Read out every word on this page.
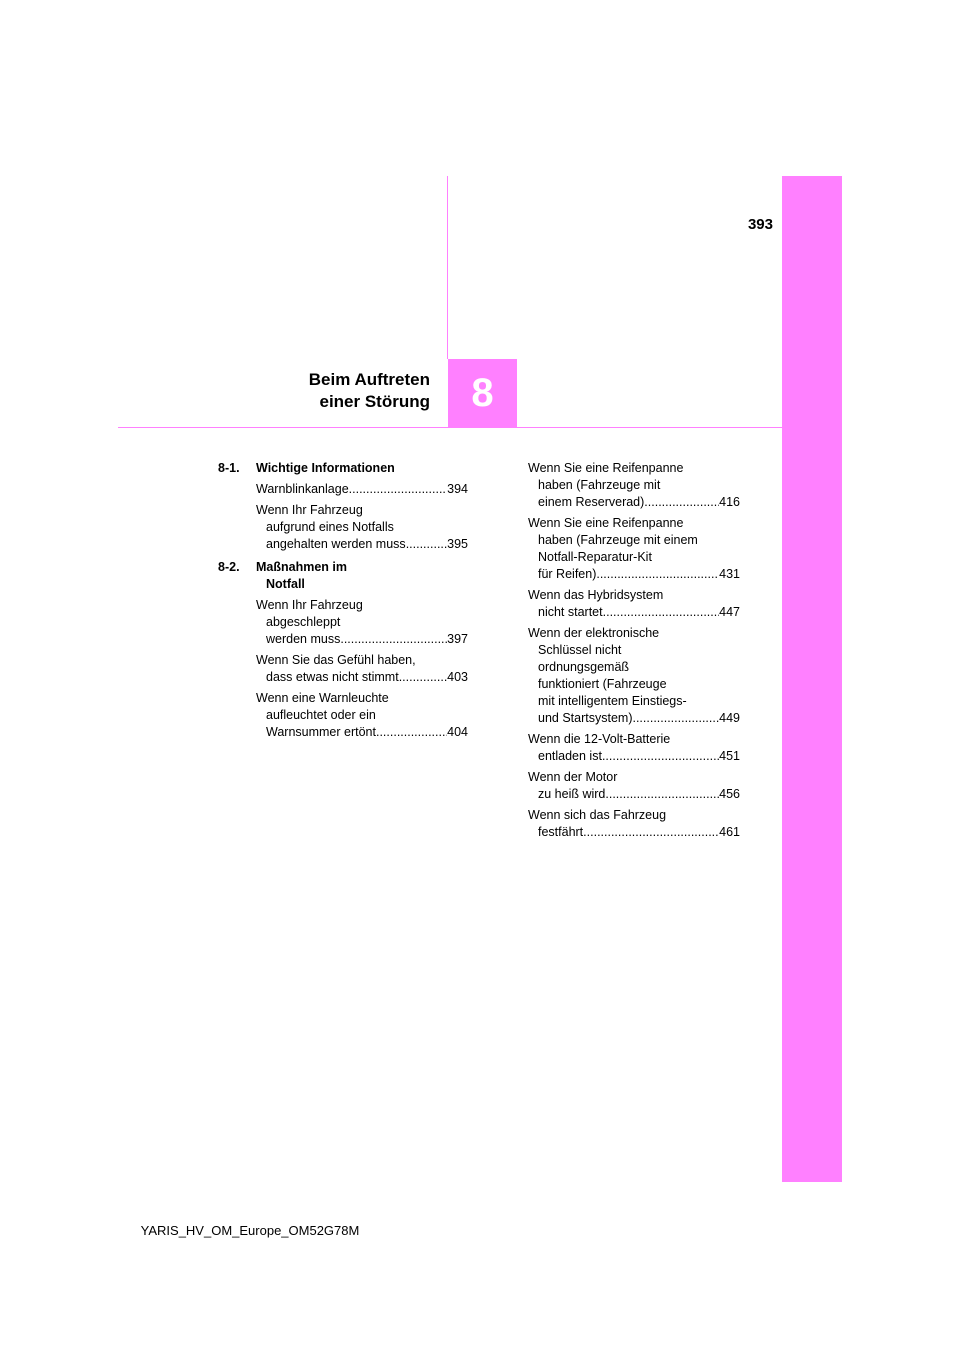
393
8
Beim Auftreten
einer Störung
8-1.	Wichtige Informationen
Warnblinkanlage .....	394
Wenn Ihr Fahrzeug
aufgrund eines Notfalls
angehalten werden muss .....	395
8-2.	Maßnahmen im
Notfall
Wenn Ihr Fahrzeug
abgeschleppt
werden muss .....	397
Wenn Sie das Gefühl haben,
dass etwas nicht stimmt .....	403
Wenn eine Warnleuchte
aufleuchtet oder ein
Warnsummer ertönt .....	404
Wenn Sie eine Reifenpanne
haben (Fahrzeuge mit
einem Reserverad) .....	416
Wenn Sie eine Reifenpanne
haben (Fahrzeuge mit einem
Notfall-Reparatur-Kit
für Reifen) .....	431
Wenn das Hybridsystem
nicht startet .....	447
Wenn der elektronische
Schlüssel nicht
ordnungsgemäß
funktioniert (Fahrzeuge
mit intelligentem Einstiegs-
und Startsystem) .....	449
Wenn die 12-Volt-Batterie
entladen ist .....	451
Wenn der Motor
zu heiß wird .....	456
Wenn sich das Fahrzeug
festfährt .....	461
YARIS_HV_OM_Europe_OM52G78M
